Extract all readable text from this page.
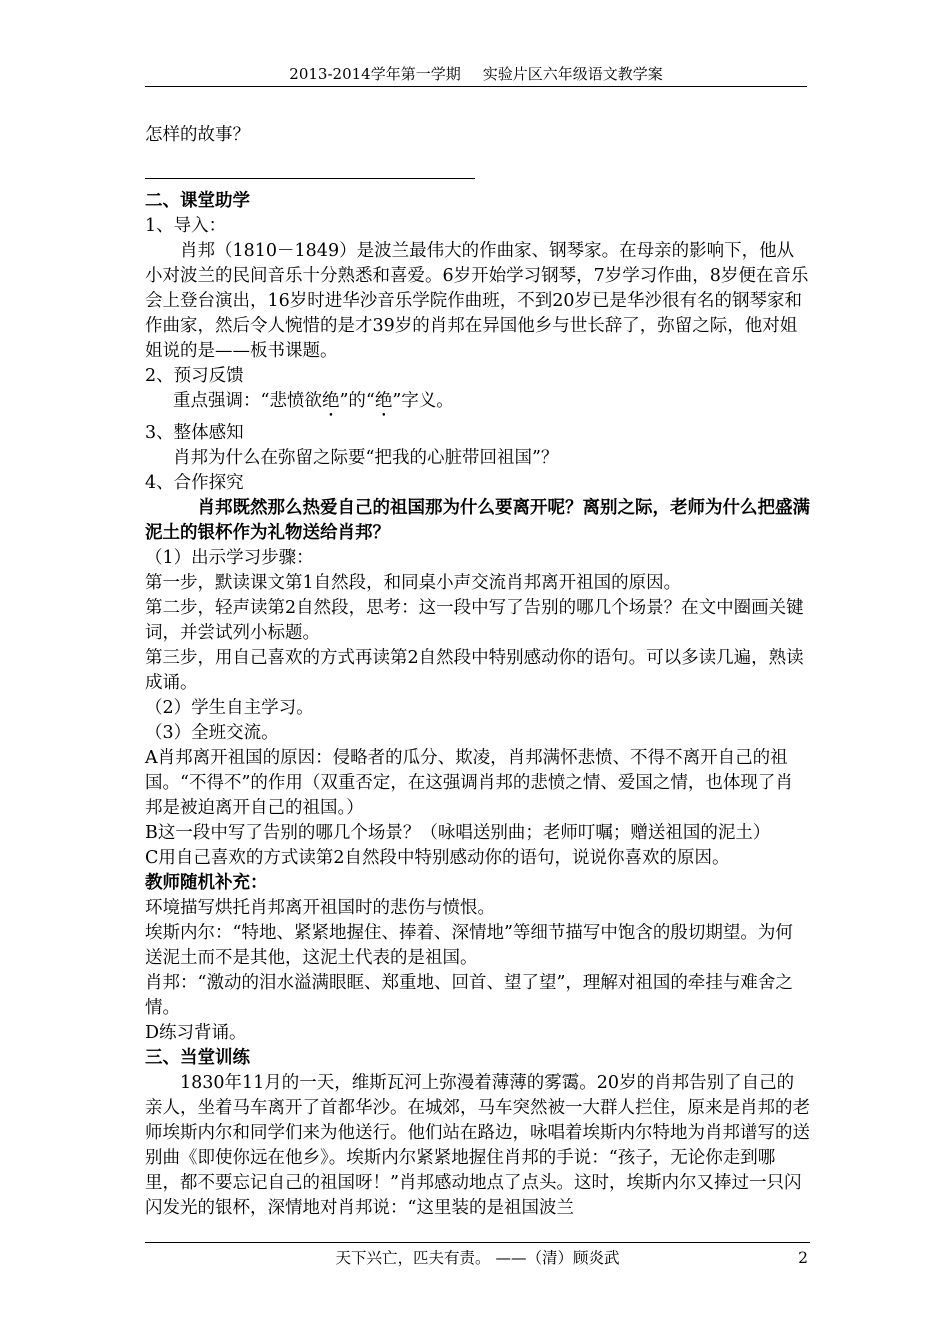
2013-2014学年第一学期 实验片区六年级语文教学案

怎样的故事？

二、课堂助学

1、导入：

肖邦（1810－1849）是波兰最伟大的作曲家、钢琴家。在母亲的影响下，他从小对波兰的民间音乐十分熟悉和喜爱。6岁开始学习钢琴，7岁学习作曲，8岁便在音乐会上登台演出，16岁时进华沙音乐学院作曲班，不到20岁已是华沙很有名的钢琴家和作曲家，然后令人惋惜的是才39岁的肖邦在异国他乡与世长辞了，弥留之际，他对姐姐说的是——板书课题。

2、预习反馈

重点强调：“悲愤欲绝”的“绝”字义。

3、整体感知

肖邦为什么在弥留之际要“把我的心脏带回祖国”？

4、合作探究

肖邦既然那么热爱自己的祖国那为什么要离开呢？离别之际，老师为什么把盛满泥土的银杯作为礼物送给肖邦？

（1）出示学习步骤：

第一步，默读课文第1自然段，和同桌小声交流肖邦离开祖国的原因。

第二步，轻声读第2自然段，思考：这一段中写了告别的哪几个场景？在文中圈画关键词，并尝试列小标题。

第三步，用自己喜欢的方式再读第2自然段中特别感动你的语句。可以多读几遍，熟读成诵。

（2）学生自主学习。

（3）全班交流。

A肖邦离开祖国的原因：侵略者的瓜分、欺凌，肖邦满怀悲愤、不得不离开自己的祖国。“不得不”的作用（双重否定，在这强调肖邦的悲愤之情、爱国之情，也体现了肖邦是被迫离开自己的祖国。）

B这一段中写了告别的哪几个场景？（咏唱送别曲；老师叮嘱；赠送祖国的泥土）

C用自己喜欢的方式读第2自然段中特别感动你的语句，说说你喜欢的原因。

教师随机补充：

环境描写烘托肖邦离开祖国时的悲伤与愤恨。

埃斯内尔：“特地、紧紧地握住、捧着、深情地”等细节描写中饱含的殷切期望。为何送泥土而不是其他，这泥土代表的是祖国。

肖邦：“激动的泪水溢满眼眶、郑重地、回首、望了望”，理解对祖国的牵挂与难舍之情。

D练习背诵。

三、当堂训练

1830年11月的一天，维斯瓦河上弥漫着薄薄的雾霭。20岁的肖邦告别了自己的亲人，坐着马车离开了首都华沙。在城郊，马车突然被一大群人拦住，原来是肖邦的老师埃斯内尔和同学们来为他送行。他们站在路边，咏唱着埃斯内尔特地为肖邦谱写的送别曲《即使你远在他乡》。埃斯内尔紧紧地握住肖邦的手说：“孩子，无论你走到哪里，都不要忘记自己的祖国呀！”肖邦感动地点了点头。这时，埃斯内尔又捧过一只闪闪发光的银杯，深情地对肖邦说：“这里装的是祖国波兰

天下兴亡，匹夫有责。 ——（清）顾炎武	2
